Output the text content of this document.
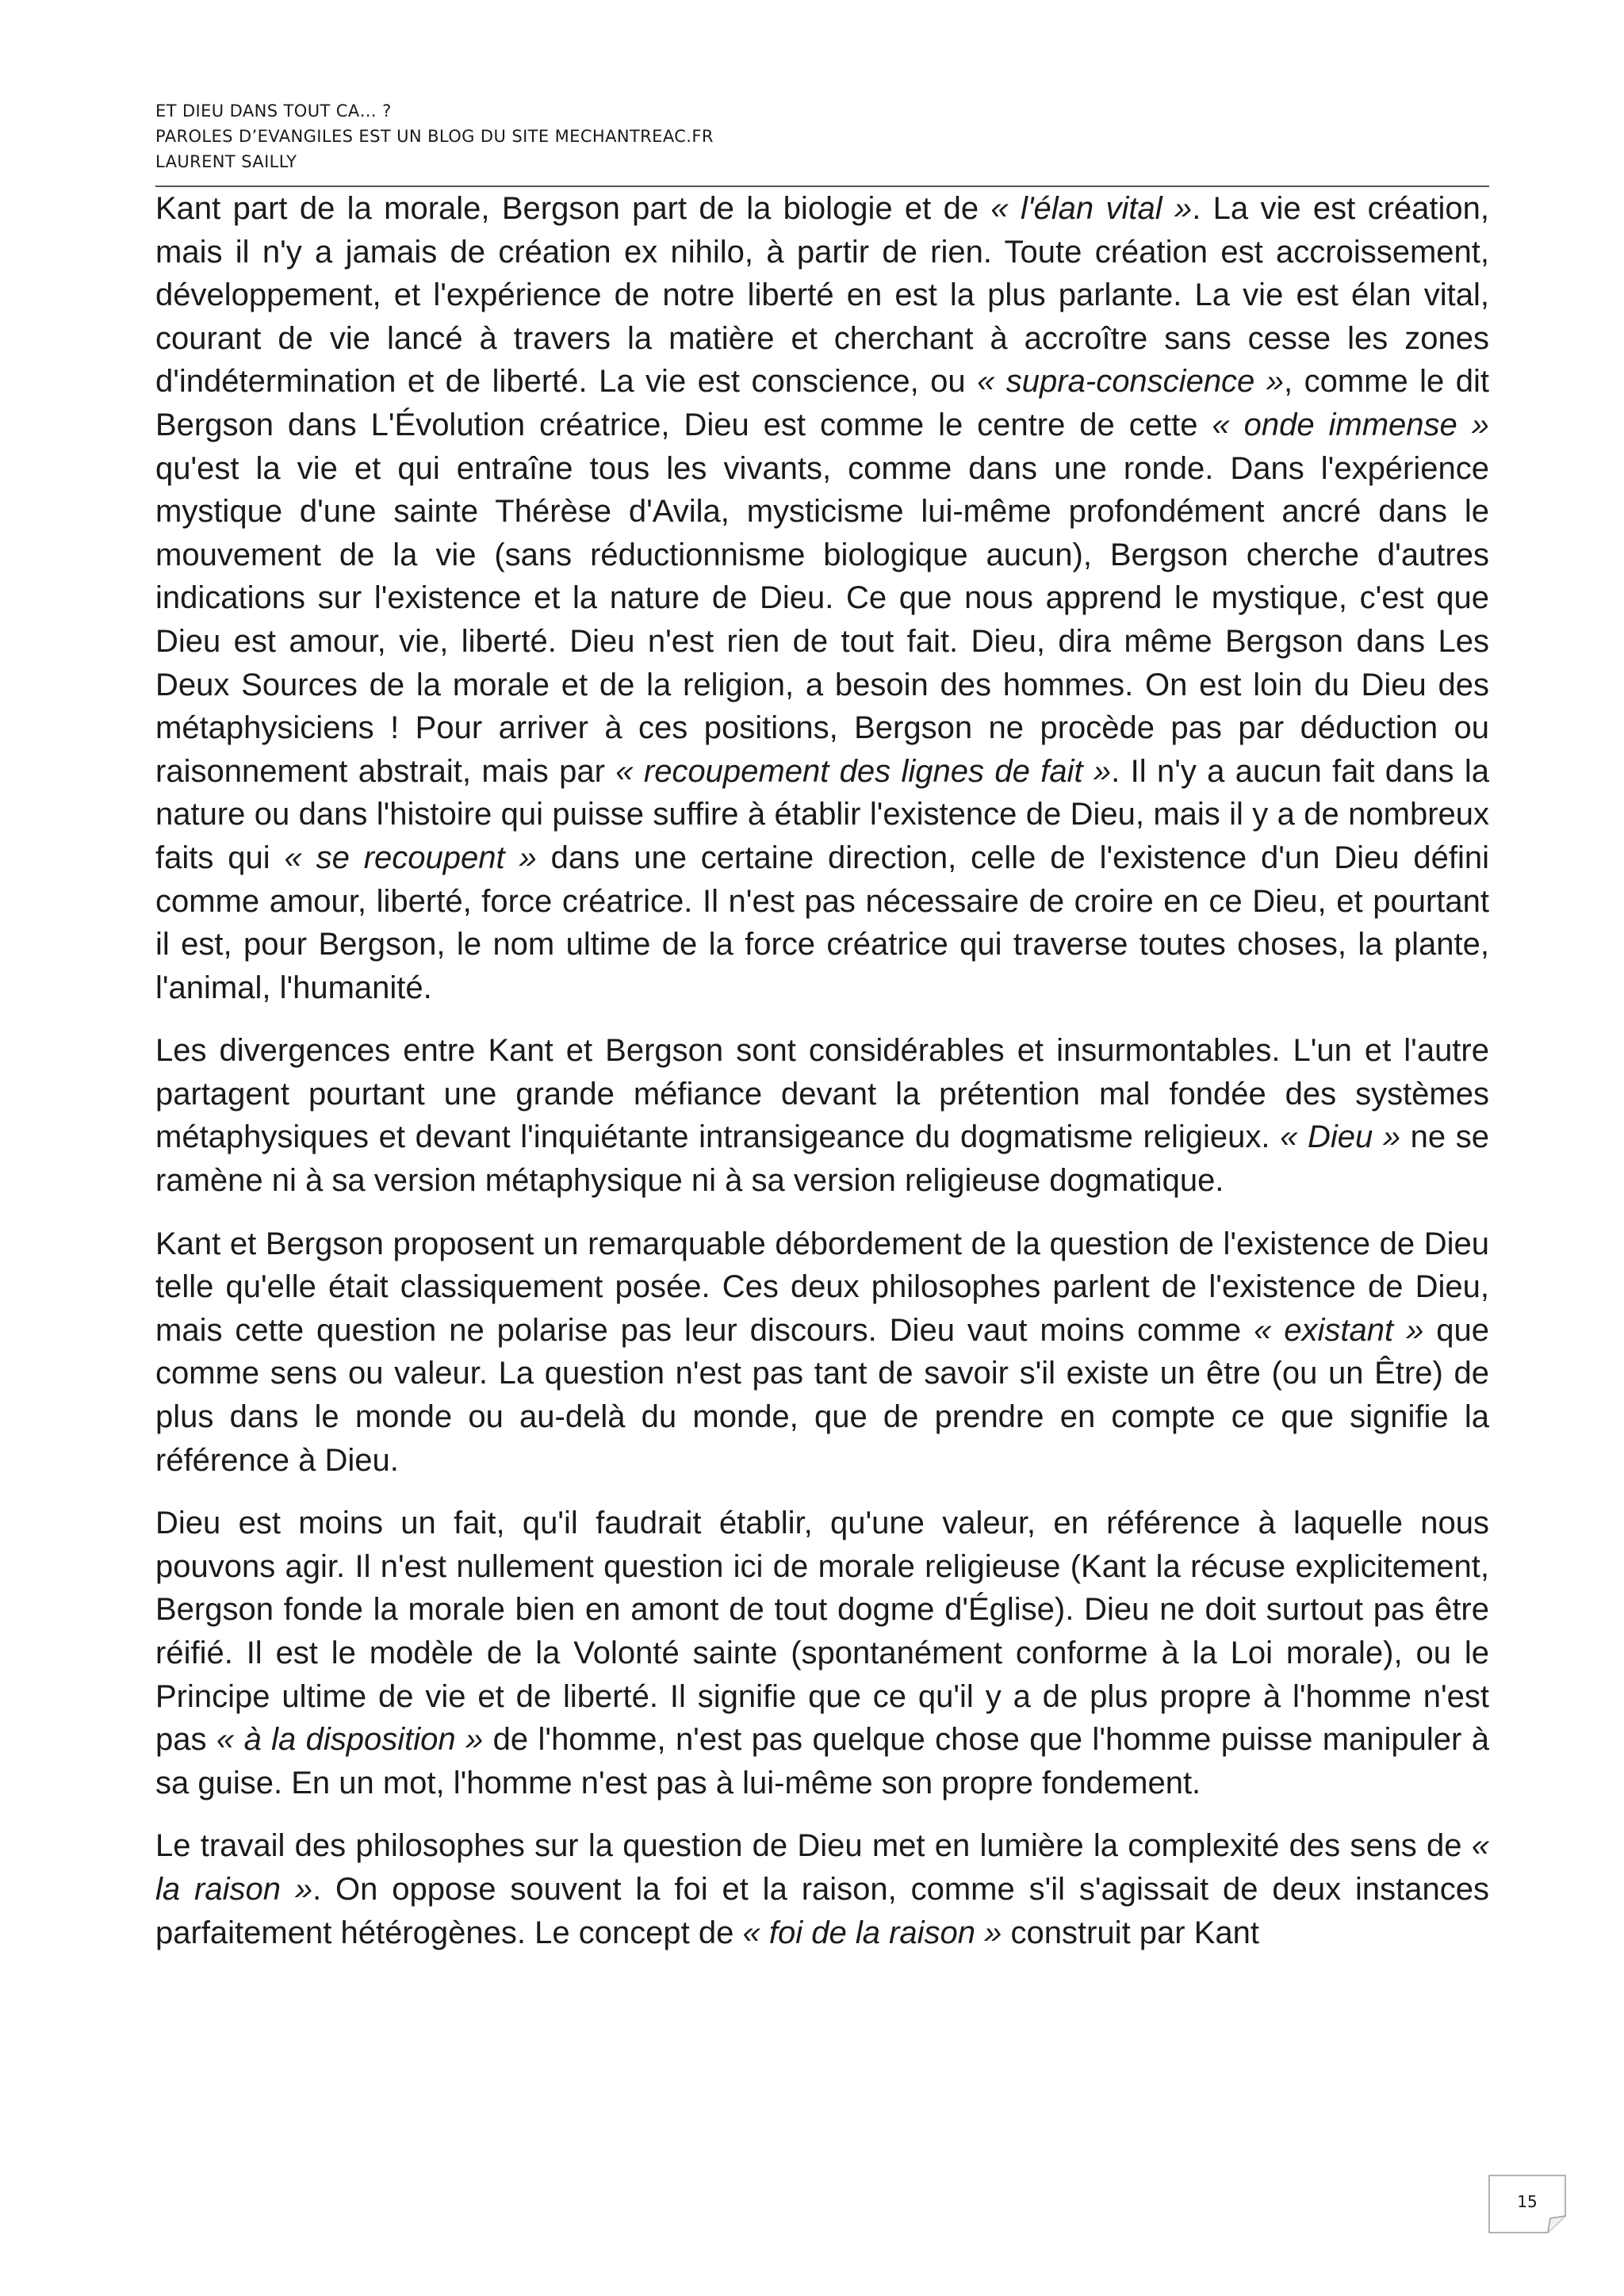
ET DIEU DANS TOUT CA… ?
PAROLES D’EVANGILES EST UN BLOG DU SITE MECHANTREAC.FR
LAURENT SAILLY

Kant part de la morale, Bergson part de la biologie et de « l'élan vital ». La vie est création, mais il n'y a jamais de création ex nihilo, à partir de rien. Toute création est accroissement, développement, et l'expérience de notre liberté en est la plus parlante. La vie est élan vital, courant de vie lancé à travers la matière et cherchant à accroître sans cesse les zones d'indétermination et de liberté. La vie est conscience, ou « supra-conscience », comme le dit Bergson dans L'Évolution créatrice, Dieu est comme le centre de cette « onde immense » qu'est la vie et qui entraîne tous les vivants, comme dans une ronde. Dans l'expérience mystique d'une sainte Thérèse d'Avila, mysticisme lui-même profondément ancré dans le mouvement de la vie (sans réductionnisme biologique aucun), Bergson cherche d'autres indications sur l'existence et la nature de Dieu. Ce que nous apprend le mystique, c'est que Dieu est amour, vie, liberté. Dieu n'est rien de tout fait. Dieu, dira même Bergson dans Les Deux Sources de la morale et de la religion, a besoin des hommes. On est loin du Dieu des métaphysiciens ! Pour arriver à ces positions, Bergson ne procède pas par déduction ou raisonnement abstrait, mais par « recoupement des lignes de fait ». Il n'y a aucun fait dans la nature ou dans l'histoire qui puisse suffire à établir l'existence de Dieu, mais il y a de nombreux faits qui « se recoupent » dans une certaine direction, celle de l'existence d'un Dieu défini comme amour, liberté, force créatrice. Il n'est pas nécessaire de croire en ce Dieu, et pourtant il est, pour Bergson, le nom ultime de la force créatrice qui traverse toutes choses, la plante, l'animal, l'humanité.

Les divergences entre Kant et Bergson sont considérables et insurmontables. L'un et l'autre partagent pourtant une grande méfiance devant la prétention mal fondée des systèmes métaphysiques et devant l'inquiétante intransigeance du dogmatisme religieux. « Dieu » ne se ramène ni à sa version métaphysique ni à sa version religieuse dogmatique.

Kant et Bergson proposent un remarquable débordement de la question de l'existence de Dieu telle qu'elle était classiquement posée. Ces deux philosophes parlent de l'existence de Dieu, mais cette question ne polarise pas leur discours. Dieu vaut moins comme « existant » que comme sens ou valeur. La question n'est pas tant de savoir s'il existe un être (ou un Être) de plus dans le monde ou au-delà du monde, que de prendre en compte ce que signifie la référence à Dieu.

Dieu est moins un fait, qu'il faudrait établir, qu'une valeur, en référence à laquelle nous pouvons agir. Il n'est nullement question ici de morale religieuse (Kant la récuse explicitement, Bergson fonde la morale bien en amont de tout dogme d'Église). Dieu ne doit surtout pas être réifié. Il est le modèle de la Volonté sainte (spontanément conforme à la Loi morale), ou le Principe ultime de vie et de liberté. Il signifie que ce qu'il y a de plus propre à l'homme n'est pas « à la disposition » de l'homme, n'est pas quelque chose que l'homme puisse manipuler à sa guise. En un mot, l'homme n'est pas à lui-même son propre fondement.

Le travail des philosophes sur la question de Dieu met en lumière la complexité des sens de « la raison ». On oppose souvent la foi et la raison, comme s'il s'agissait de deux instances parfaitement hétérogènes. Le concept de « foi de la raison » construit par Kant

15
